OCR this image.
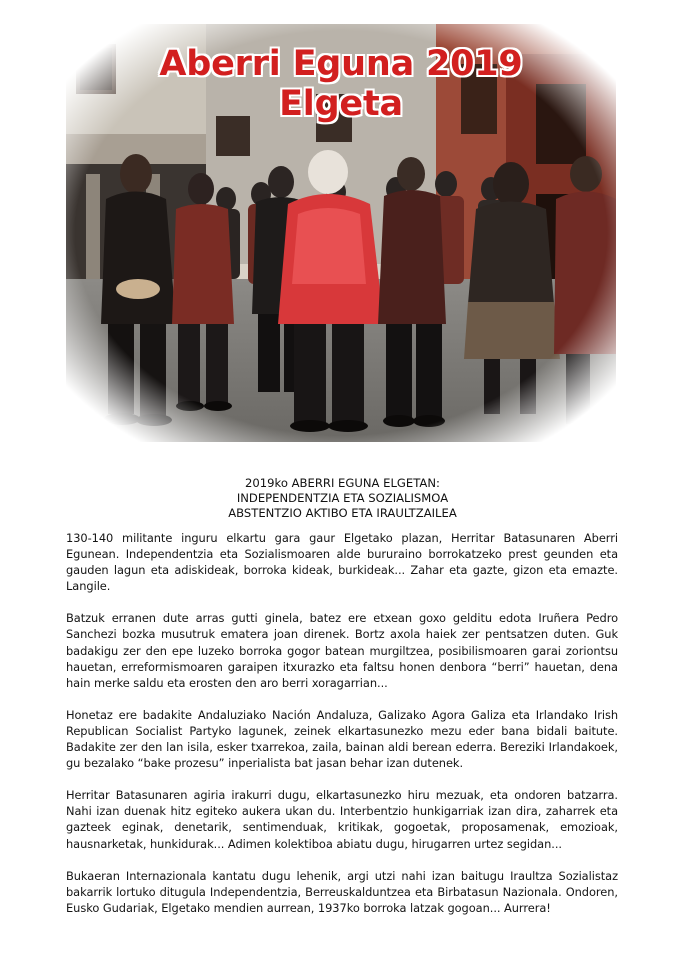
Aberri Eguna 2019
Elgeta
2019ko ABERRI EGUNA ELGETAN:
INDEPENDENTZIA ETA SOZIALISMOA
ABSTENTZIO AKTIBO ETA IRAULTZAILEA

130-140 militante inguru elkartu gara gaur Elgetako plazan, Herritar Batasunaren Aberri Egunean. Independentzia eta Sozialismoaren alde bururaino borrokatzeko prest geunden eta gauden lagun eta adiskideak, borroka kideak, burkideak... Zahar eta gazte, gizon eta emazte. Langile.

Batzuk erranen dute arras gutti ginela, batez ere etxean goxo gelditu edota Iruñera Pedro Sanchezi bozka musutruk ematera joan direnek. Bortz axola haiek zer pentsatzen duten. Guk badakigu zer den epe luzeko borroka gogor batean murgiltzea, posibilismoaren garai zoriontsu hauetan, erreformismoaren garaipen itxurazko eta faltsu honen denbora “berri” hauetan, dena hain merke saldu eta erosten den aro berri xoragarrian...

Honetaz ere badakite Andaluziako Nación Andaluza, Galizako Agora Galiza eta Irlandako Irish Republican Socialist Partyko lagunek, zeinek elkartasunezko mezu eder bana bidali baitute. Badakite zer den lan isila, esker txarrekoa, zaila, bainan aldi berean ederra. Bereziki Irlandakoek, gu bezalako “bake prozesu” inperialista bat jasan behar izan dutenek.

Herritar Batasunaren agiria irakurri dugu, elkartasunezko hiru mezuak, eta ondoren batzarra. Nahi izan duenak hitz egiteko aukera ukan du. Interbentzio hunkigarriak izan dira, zaharrek eta gazteek eginak, denetarik, sentimenduak, kritikak, gogoetak, proposamenak, emozioak, hausnarketak, hunkidurak... Adimen kolektiboa abiatu dugu, hirugarren urtez segidan...

Bukaeran Internazionala kantatu dugu lehenik, argi utzi nahi izan baitugu Iraultza Sozialistaz bakarrik lortuko ditugula Independentzia, Berreuskalduntzea eta Birbatasun Nazionala. Ondoren, Eusko Gudariak, Elgetako mendien aurrean, 1937ko borroka latzak gogoan... Aurrera!
